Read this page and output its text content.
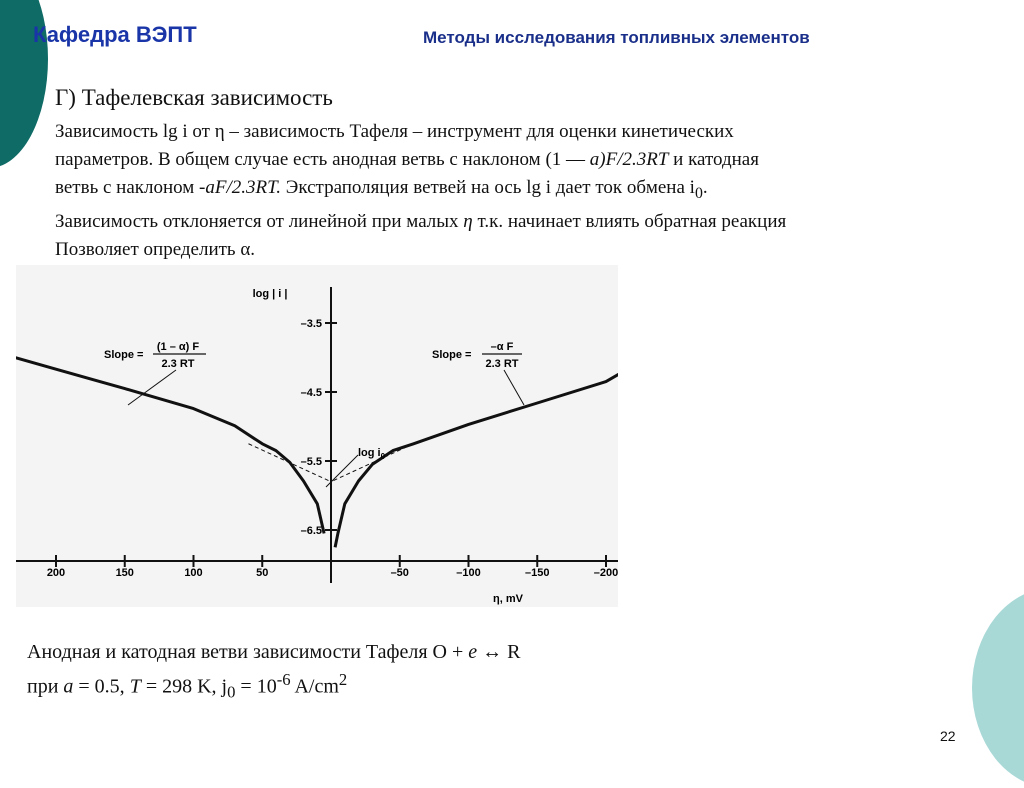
Кафедра ВЭПТ	Методы исследования топливных элементов
Г) Тафелевская зависимость

Зависимость lg i от η – зависимость Тафеля – инструмент для оценки кинетических

параметров. В общем случае есть анодная ветвь с наклоном (1 — a)F/2.3RT и катодная

ветвь с наклоном -aF/2.3RT. Экстраполяция ветвей на ось lg i дает ток обмена $i_0$.

Зависимость отклоняется от линейной при малых η т.к. начинает влиять обратная реакция

Позволяет определить α.

200	150	100	50	–50	–100	–150	–200
–3.5
–4.5
–5.5
–6.5
log | i |
η, mV
Slope =
(1 – α) F
2.3 RT
Slope =
–α F
2.3 RT
$\log i_0$

Анодная и катодная ветви зависимости Тафеля O + e ↔ R

при a = 0.5, T = 298 K, $j_0 = 10^{-6}$ $A/cm^2$

22
